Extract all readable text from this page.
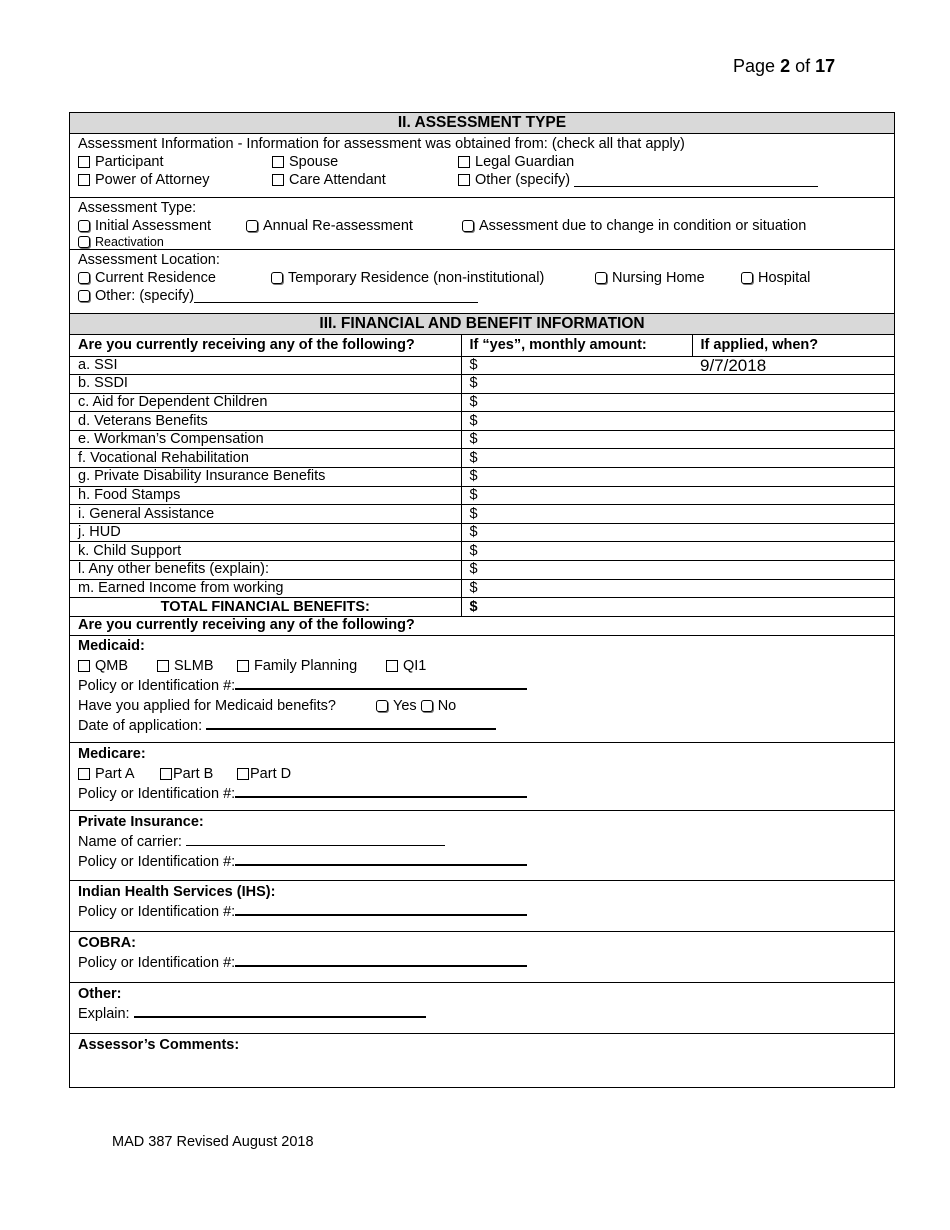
Page 2 of 17
II. ASSESSMENT TYPE
Assessment Information - Information for assessment was obtained from: (check all that apply)
Participant	Spouse	Legal Guardian
Power of Attorney	Care Attendant	Other (specify)

Assessment Type:
Initial Assessment	Annual Re-assessment	Assessment due to change in condition or situation
Reactivation
Assessment Location:
Current Residence	Temporary Residence (non-institutional)	Nursing Home	Hospital
Other: (specify)
III. FINANCIAL AND BENEFIT INFORMATION
Are you currently receiving any of the following?	If “yes”, monthly amount:	If applied, when?
a. SSI	$	9/7/2018
b. SSDI	$	
c. Aid for Dependent Children	$	
d. Veterans Benefits	$	
e. Workman’s Compensation	$	
f. Vocational Rehabilitation	$	
g. Private Disability Insurance Benefits	$	
h. Food Stamps	$	
i. General Assistance	$	
j. HUD	$	
k. Child Support	$	
l. Any other benefits (explain):	$	
m. Earned Income from working	$	
TOTAL FINANCIAL BENEFITS:	$	
Are you currently receiving any of the following?		
Medicaid:
QMB	SLMB	Family Planning	QI1
Policy or Identification #:
Have you applied for Medicaid benefits?	Yes
No
Date of application:
Medicare:
Part A	Part B	Part D
Policy or Identification #:
Private Insurance:
Name of carrier:
Policy or Identification #:
Indian Health Services (IHS):
Policy or Identification #:
COBRA:
Policy or Identification #:
Other:
Explain:
Assessor’s Comments:
MAD 387 Revised August 2018
